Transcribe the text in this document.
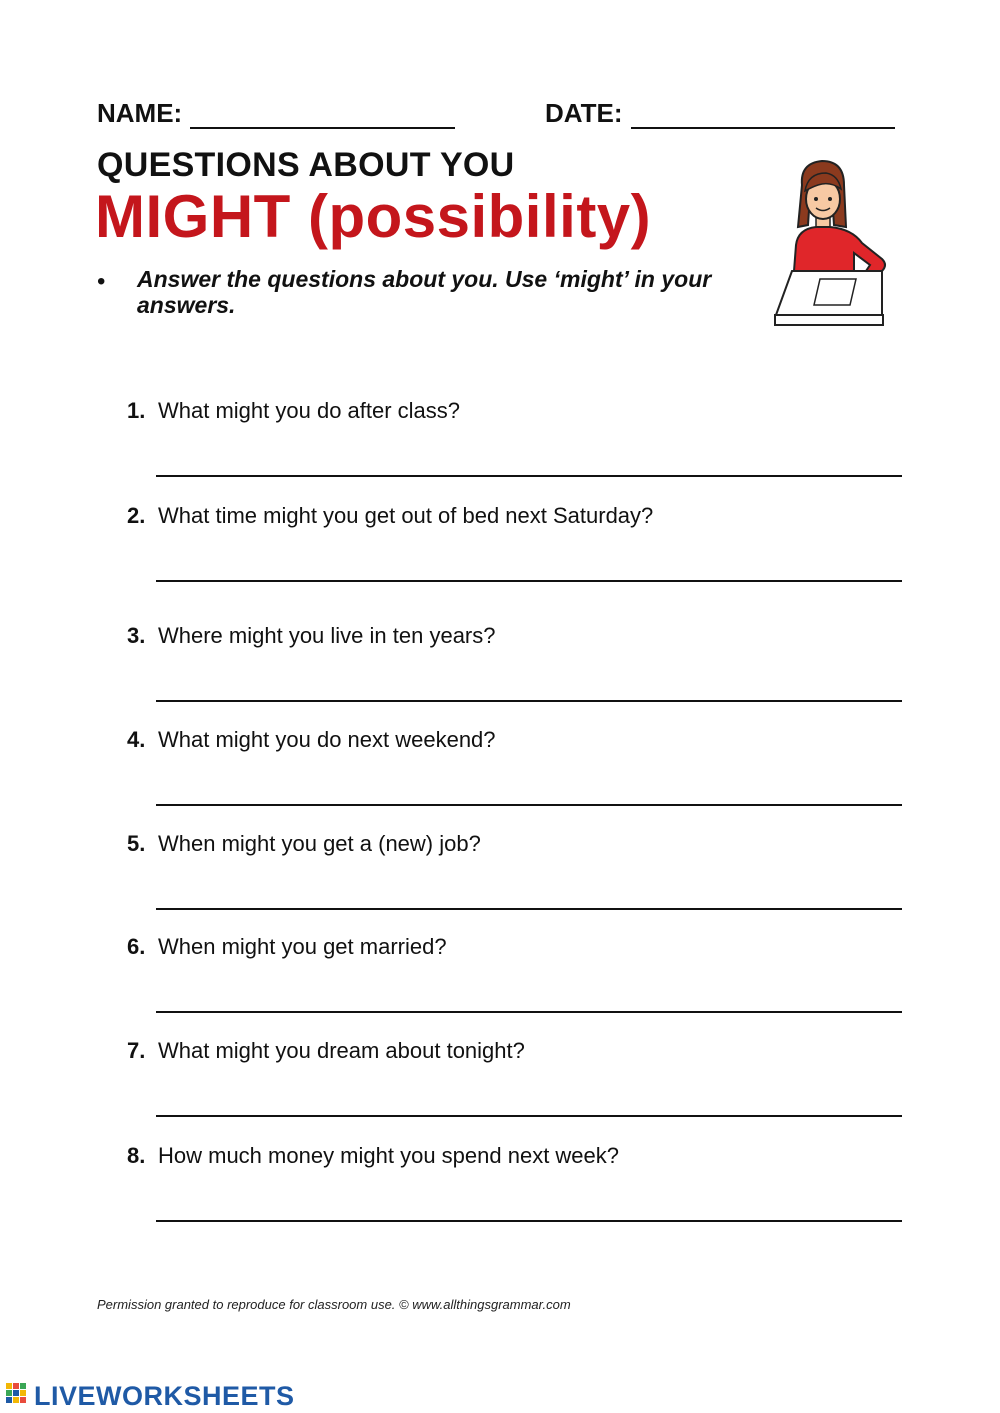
NAME:	DATE:
QUESTIONS ABOUT YOU
MIGHT (possibility)
• Answer the questions about you. Use ‘might’ in your answers.
1. What might you do after class?
2. What time might you get out of bed next Saturday?
3. Where might you live in ten years?
4. What might you do next weekend?
5. When might you get a (new) job?
6. When might you get married?
7. What might you dream about tonight?
8. How much money might you spend next week?
Permission granted to reproduce for classroom use. © www.allthingsgrammar.com
LIVEWORKSHEETS
